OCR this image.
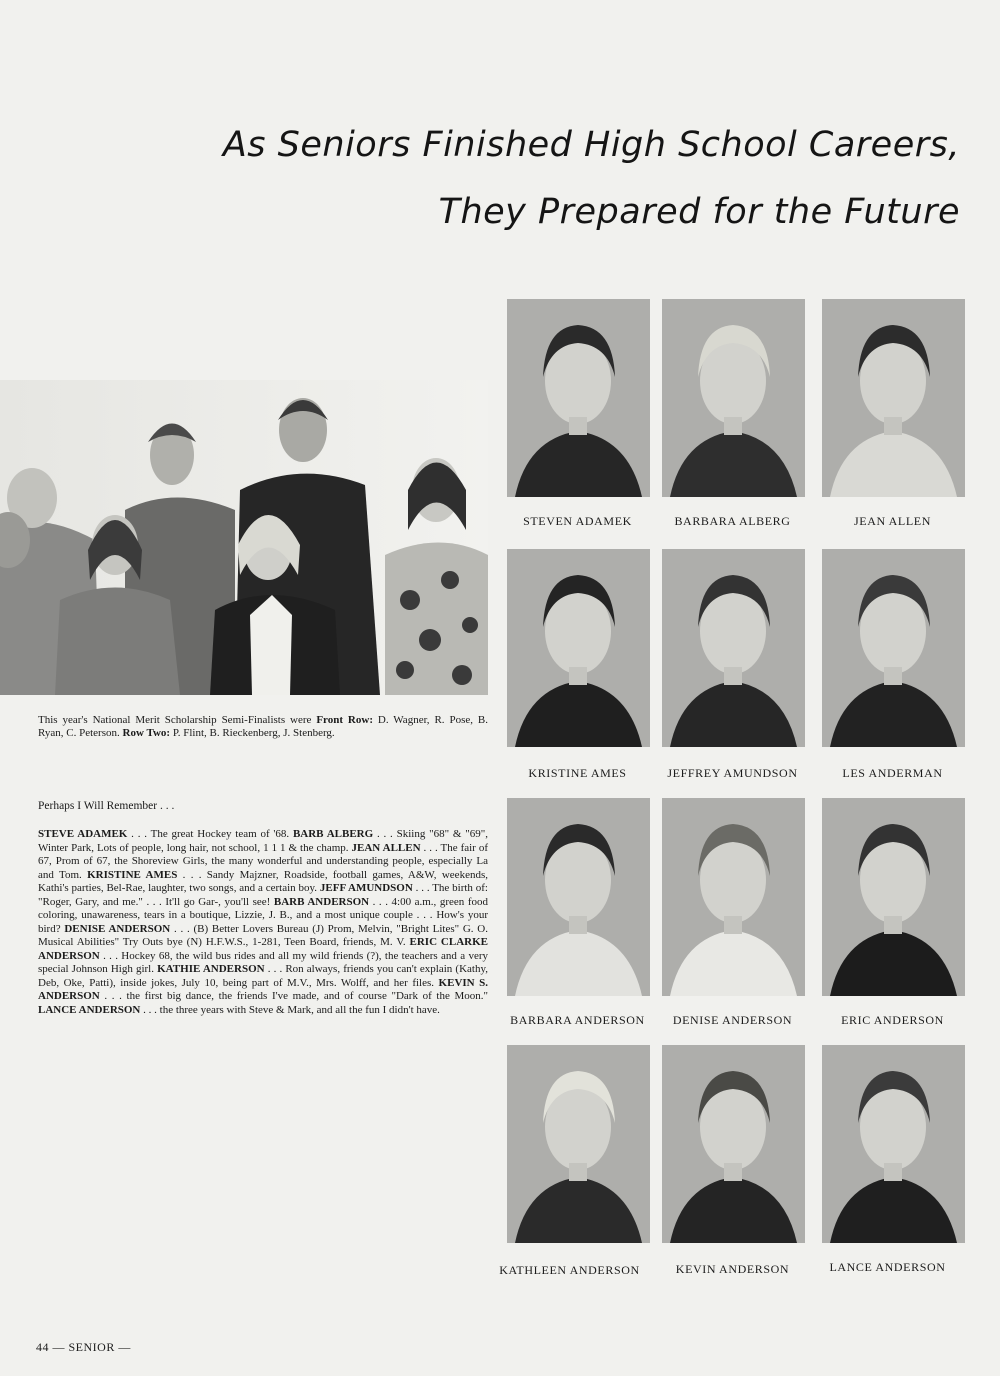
As Seniors Finished High School Careers,
They Prepared for the Future

This year's National Merit Scholarship Semi-Finalists were Front Row: D. Wagner, R. Pose, B. Ryan, C. Peterson. Row Two: P. Flint, B. Rieckenberg, J. Stenberg.

Perhaps I Will Remember . . .

STEVE ADAMEK . . . The great Hockey team of '68. BARB ALBERG . . . Skiing "68" & "69", Winter Park, Lots of people, long hair, not school, 1 1 1 & the champ. JEAN ALLEN . . . The fair of 67, Prom of 67, the Shoreview Girls, the many wonderful and understanding people, especially La and Tom. KRISTINE AMES . . . Sandy Majzner, Roadside, football games, A&W, weekends, Kathi's parties, Bel-Rae, laughter, two songs, and a certain boy. JEFF AMUNDSON . . . The birth of: "Roger, Gary, and me." . . . It'll go Gar-, you'll see! BARB ANDERSON . . . 4:00 a.m., green food coloring, unawareness, tears in a boutique, Lizzie, J. B., and a most unique couple . . . How's your bird? DENISE ANDERSON . . . (B) Better Lovers Bureau (J) Prom, Melvin, "Bright Lites" G. O. Musical Abilities" Try Outs bye (N) H.F.W.S., 1-281, Teen Board, friends, M. V. ERIC CLARKE ANDERSON . . . Hockey 68, the wild bus rides and all my wild friends (?), the teachers and a very special Johnson High girl. KATHIE ANDERSON . . . Ron always, friends you can't explain (Kathy, Deb, Oke, Patti), inside jokes, July 10, being part of M.V., Mrs. Wolff, and her files. KEVIN S. ANDERSON . . . the first big dance, the friends I've made, and of course "Dark of the Moon." LANCE ANDERSON . . . the three years with Steve & Mark, and all the fun I didn't have.

STEVEN ADAMEK	BARBARA ALBERG	JEAN ALLEN
KRISTINE AMES	JEFFREY AMUNDSON	LES ANDERMAN
BARBARA ANDERSON	DENISE ANDERSON	ERIC ANDERSON
KATHLEEN ANDERSON	KEVIN ANDERSON	LANCE ANDERSON
44 — SENIOR —
